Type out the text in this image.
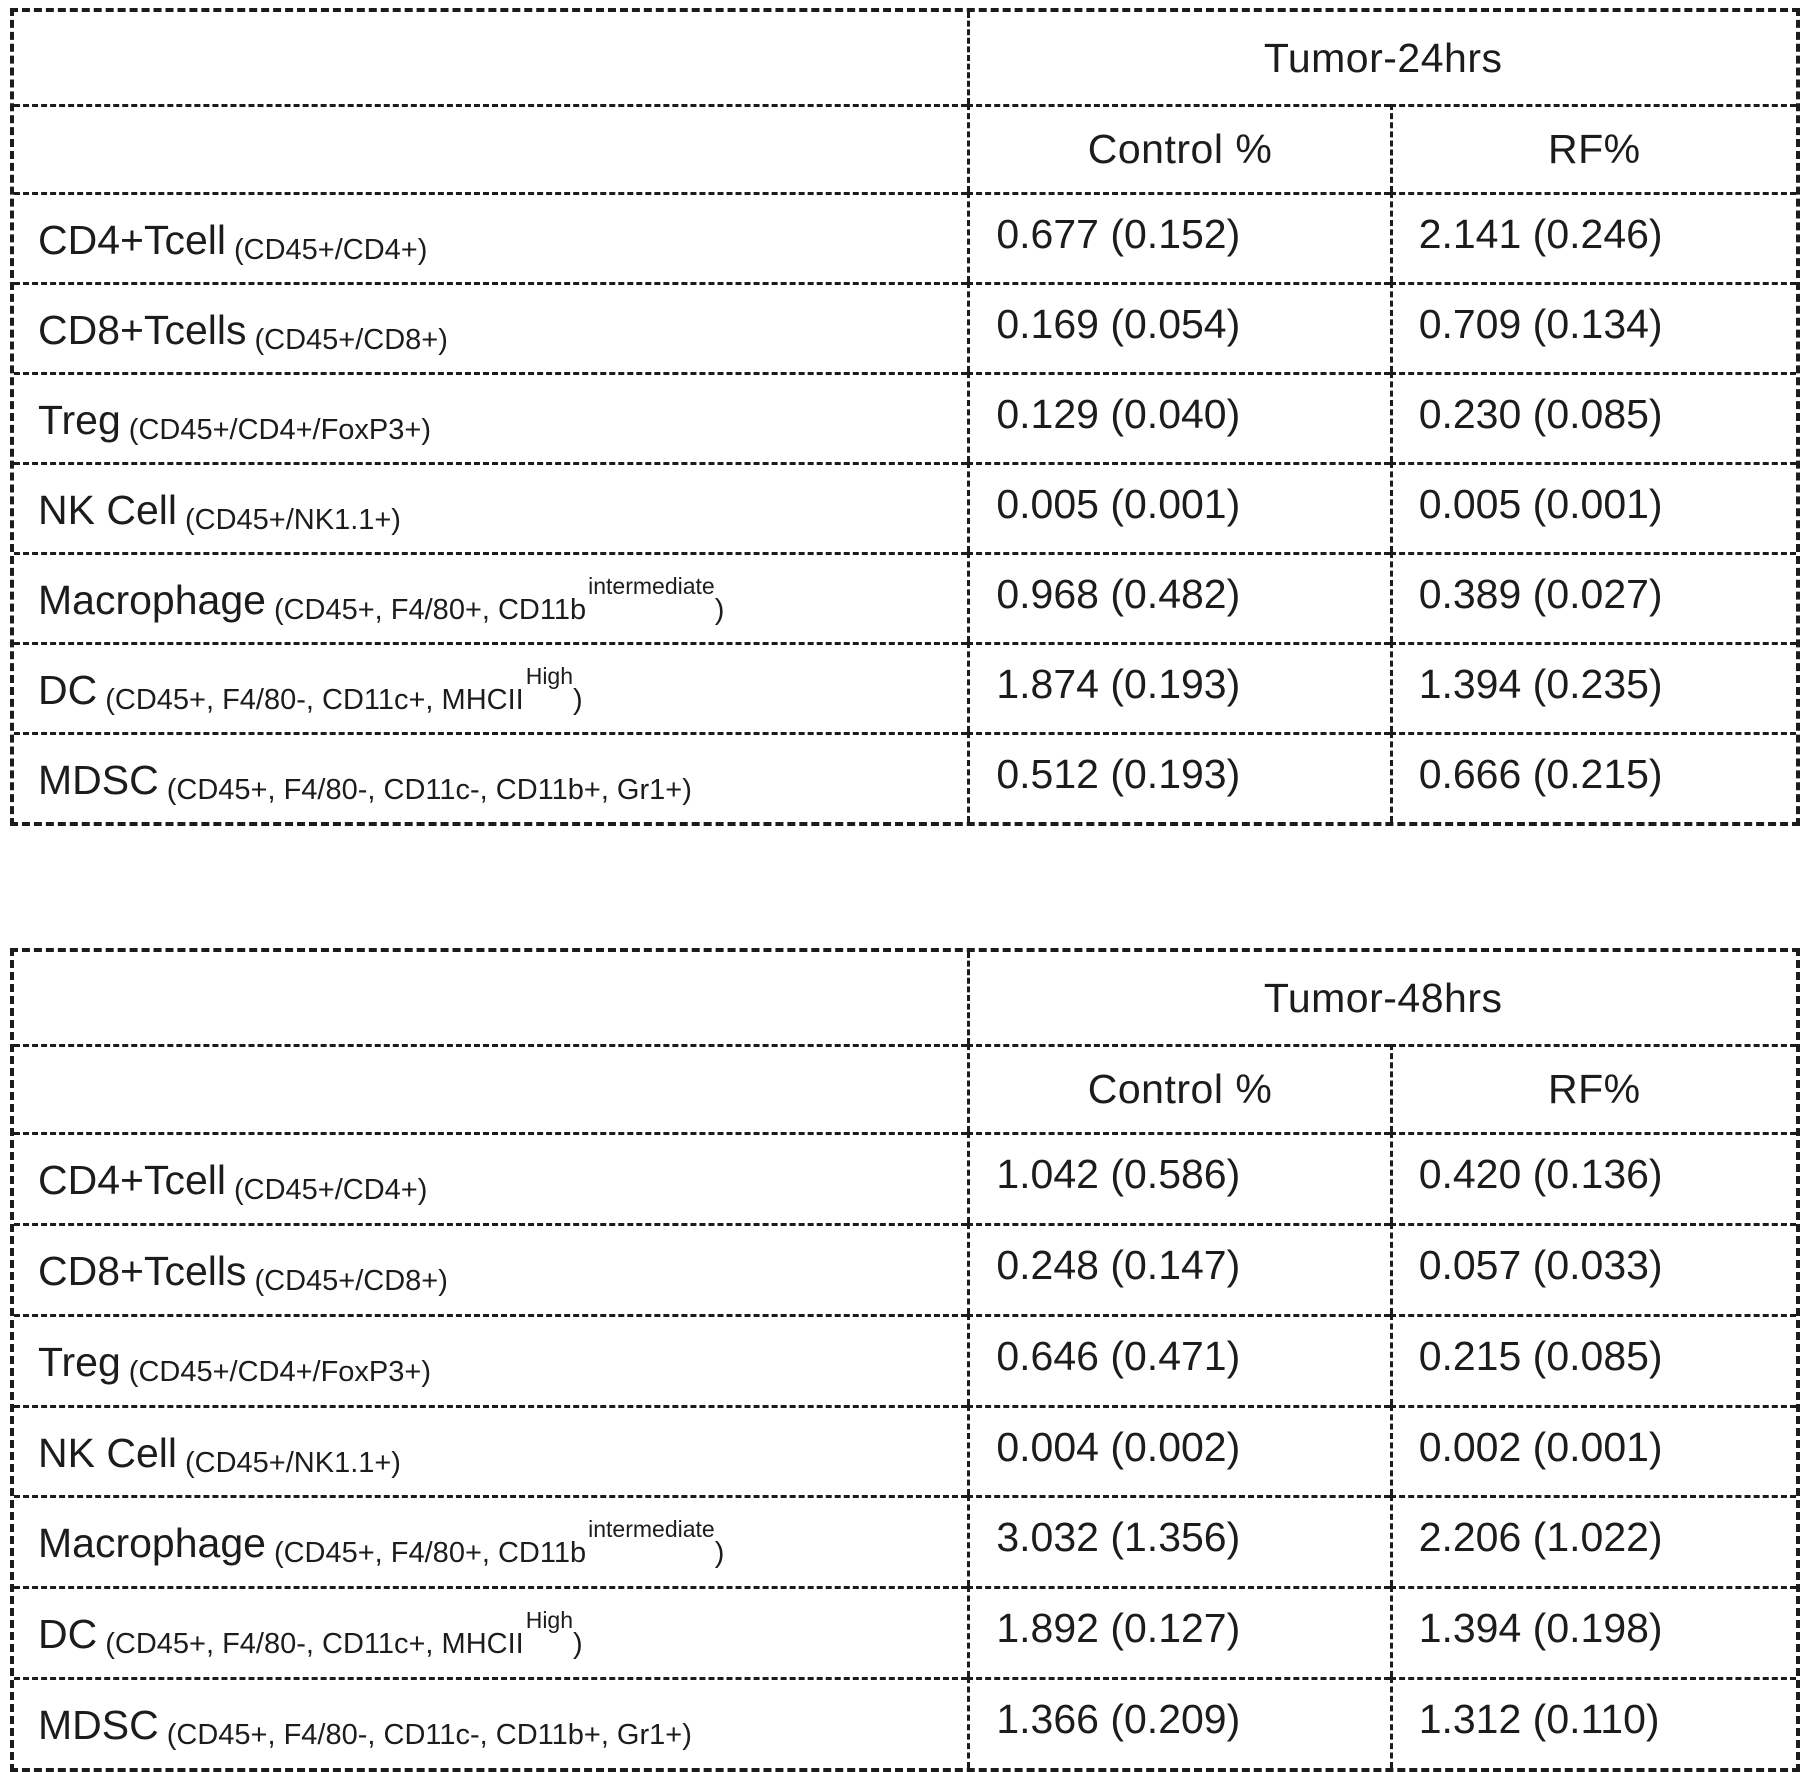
Tumor-24hrs
Control %	RF%
CD4+Tcell (CD45+/CD4+)	0.677 (0.152)	2.141 (0.246)
CD8+Tcells (CD45+/CD8+)	0.169 (0.054)	0.709 (0.134)
Treg (CD45+/CD4+/FoxP3+)	0.129 (0.040)	0.230 (0.085)
NK Cell (CD45+/NK1.1+)	0.005 (0.001)	0.005 (0.001)
Macrophage (CD45+, F4/80+, CD11bintermediate)	0.968 (0.482)	0.389 (0.027)
DC (CD45+, F4/80-, CD11c+, MHCIIHigh)	1.874 (0.193)	1.394 (0.235)
MDSC (CD45+, F4/80-, CD11c-, CD11b+, Gr1+)	0.512 (0.193)	0.666 (0.215)
Tumor-48hrs
Control %	RF%
CD4+Tcell (CD45+/CD4+)	1.042 (0.586)	0.420 (0.136)
CD8+Tcells (CD45+/CD8+)	0.248 (0.147)	0.057 (0.033)
Treg (CD45+/CD4+/FoxP3+)	0.646 (0.471)	0.215 (0.085)
NK Cell (CD45+/NK1.1+)	0.004 (0.002)	0.002 (0.001)
Macrophage (CD45+, F4/80+, CD11bintermediate)	3.032 (1.356)	2.206 (1.022)
DC (CD45+, F4/80-, CD11c+, MHCIIHigh)	1.892 (0.127)	1.394 (0.198)
MDSC (CD45+, F4/80-, CD11c-, CD11b+, Gr1+)	1.366 (0.209)	1.312 (0.110)
